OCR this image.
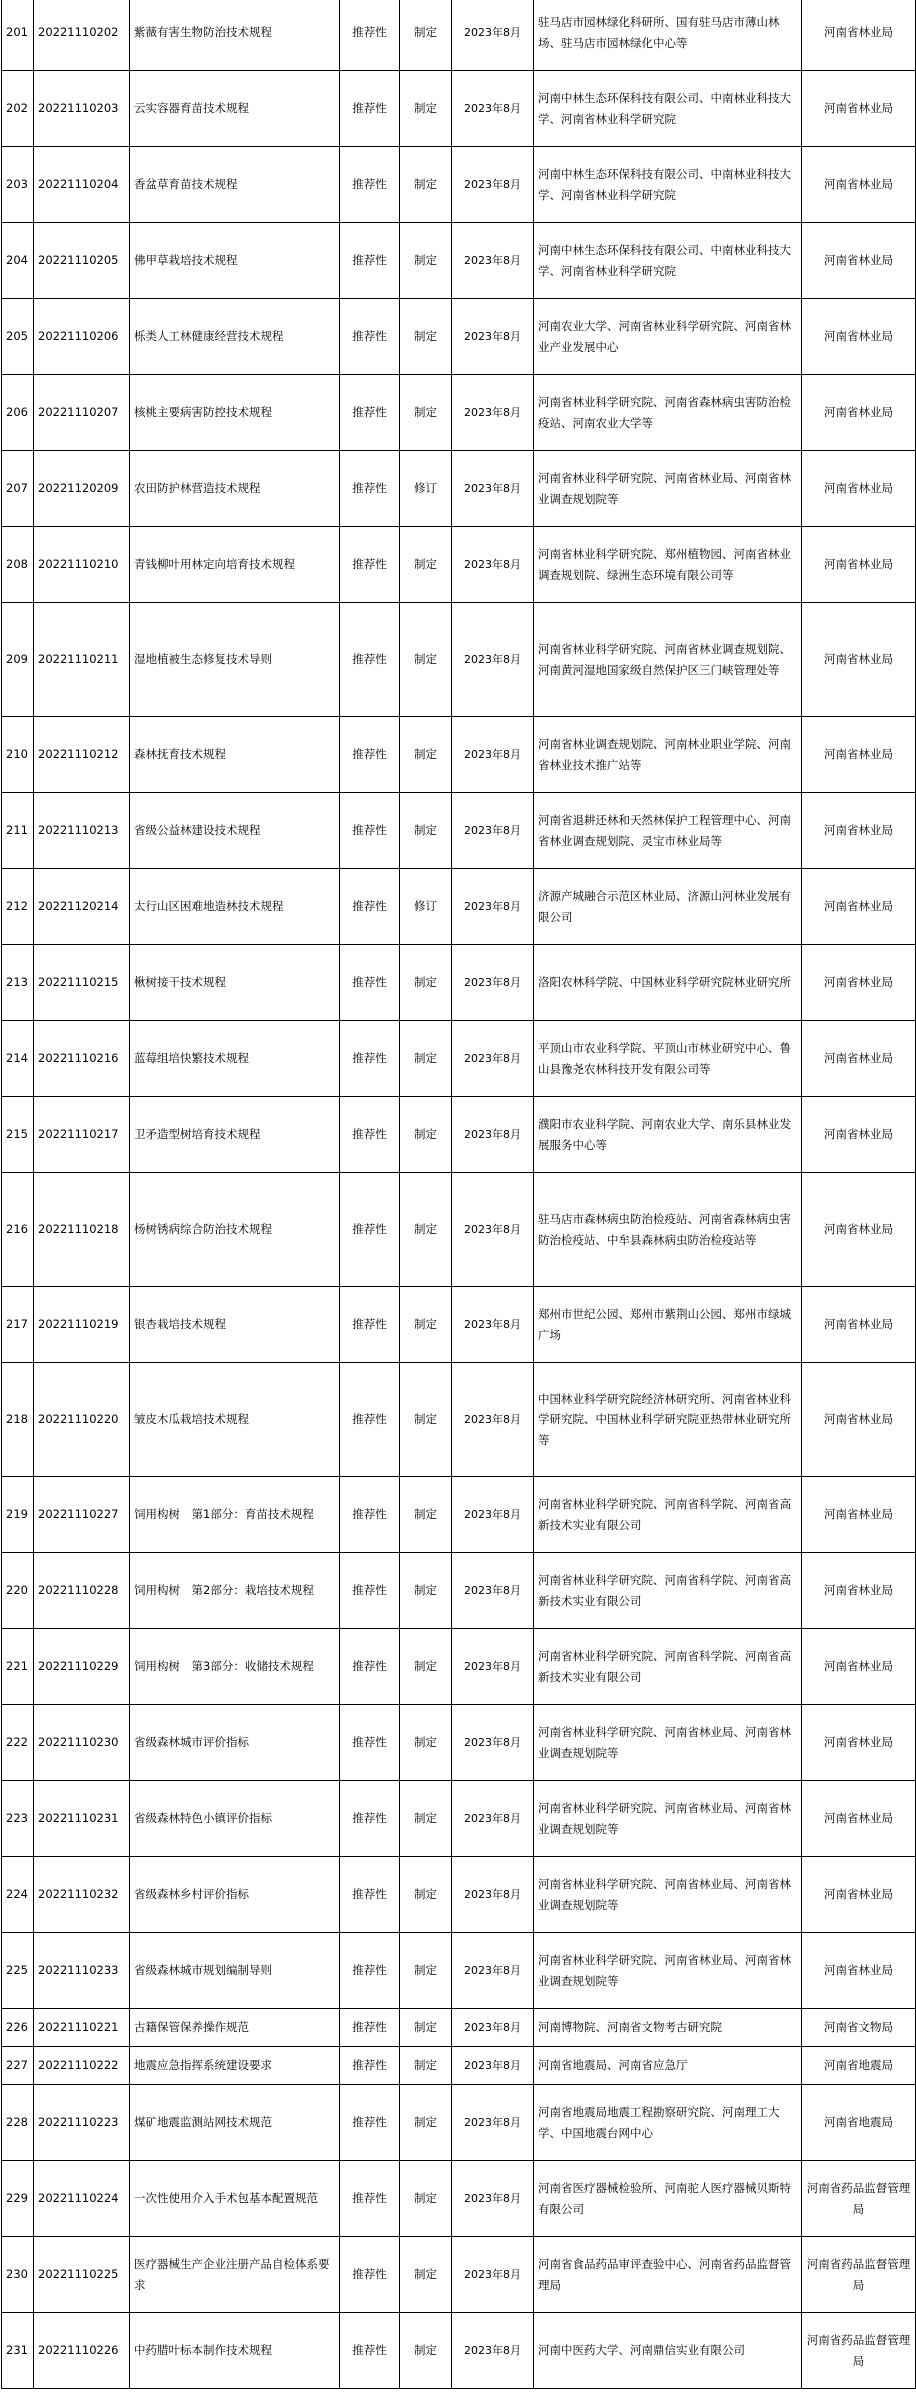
201	20221110202	紫薇有害生物防治技术规程	推荐性	制定	2023年8月	驻马店市园林绿化科研所、国有驻马店市薄山林场、驻马店市园林绿化中心等	河南省林业局
202	20221110203	云实容器育苗技术规程	推荐性	制定	2023年8月	河南中林生态环保科技有限公司、中南林业科技大学、河南省林业科学研究院	河南省林业局
203	20221110204	香盆草育苗技术规程	推荐性	制定	2023年8月	河南中林生态环保科技有限公司、中南林业科技大学、河南省林业科学研究院	河南省林业局
204	20221110205	佛甲草栽培技术规程	推荐性	制定	2023年8月	河南中林生态环保科技有限公司、中南林业科技大学、河南省林业科学研究院	河南省林业局
205	20221110206	栎类人工林健康经营技术规程	推荐性	制定	2023年8月	河南农业大学、河南省林业科学研究院、河南省林业产业发展中心	河南省林业局
206	20221110207	核桃主要病害防控技术规程	推荐性	制定	2023年8月	河南省林业科学研究院、河南省森林病虫害防治检疫站、河南农业大学等	河南省林业局
207	20221120209	农田防护林营造技术规程	推荐性	修订	2023年8月	河南省林业科学研究院、河南省林业局、河南省林业调查规划院等	河南省林业局
208	20221110210	青钱柳叶用林定向培育技术规程	推荐性	制定	2023年8月	河南省林业科学研究院、郑州植物园、河南省林业调查规划院、绿洲生态环境有限公司等	河南省林业局
209	20221110211	湿地植被生态修复技术导则	推荐性	制定	2023年8月	河南省林业科学研究院、河南省林业调查规划院、河南黄河湿地国家级自然保护区三门峡管理处等	河南省林业局
210	20221110212	森林抚育技术规程	推荐性	制定	2023年8月	河南省林业调查规划院、河南林业职业学院、河南省林业技术推广站等	河南省林业局
211	20221110213	省级公益林建设技术规程	推荐性	制定	2023年8月	河南省退耕还林和天然林保护工程管理中心、河南省林业调查规划院、灵宝市林业局等	河南省林业局
212	20221120214	太行山区困难地造林技术规程	推荐性	修订	2023年8月	济源产城融合示范区林业局、济源山河林业发展有限公司	河南省林业局
213	20221110215	楸树接干技术规程	推荐性	制定	2023年8月	洛阳农林科学院、中国林业科学研究院林业研究所	河南省林业局
214	20221110216	蓝莓组培快繁技术规程	推荐性	制定	2023年8月	平顶山市农业科学院、平顶山市林业研究中心、鲁山县豫尧农林科技开发有限公司等	河南省林业局
215	20221110217	卫矛造型树培育技术规程	推荐性	制定	2023年8月	濮阳市农业科学院、河南农业大学、南乐县林业发展服务中心等	河南省林业局
216	20221110218	杨树锈病综合防治技术规程	推荐性	制定	2023年8月	驻马店市森林病虫防治检疫站、河南省森林病虫害防治检疫站、中牟县森林病虫防治检疫站等	河南省林业局
217	20221110219	银杏栽培技术规程	推荐性	制定	2023年8月	郑州市世纪公园、郑州市紫荆山公园、郑州市绿城广场	河南省林业局
218	20221110220	皱皮木瓜栽培技术规程	推荐性	制定	2023年8月	中国林业科学研究院经济林研究所、河南省林业科学研究院、中国林业科学研究院亚热带林业研究所等	河南省林业局
219	20221110227	饲用构树　第1部分：育苗技术规程	推荐性	制定	2023年8月	河南省林业科学研究院、河南省科学院、河南省高新技术实业有限公司	河南省林业局
220	20221110228	饲用构树　第2部分：栽培技术规程	推荐性	制定	2023年8月	河南省林业科学研究院、河南省科学院、河南省高新技术实业有限公司	河南省林业局
221	20221110229	饲用构树　第3部分：收储技术规程	推荐性	制定	2023年8月	河南省林业科学研究院、河南省科学院、河南省高新技术实业有限公司	河南省林业局
222	20221110230	省级森林城市评价指标	推荐性	制定	2023年8月	河南省林业科学研究院、河南省林业局、河南省林业调查规划院等	河南省林业局
223	20221110231	省级森林特色小镇评价指标	推荐性	制定	2023年8月	河南省林业科学研究院、河南省林业局、河南省林业调查规划院等	河南省林业局
224	20221110232	省级森林乡村评价指标	推荐性	制定	2023年8月	河南省林业科学研究院、河南省林业局、河南省林业调查规划院等	河南省林业局
225	20221110233	省级森林城市规划编制导则	推荐性	制定	2023年8月	河南省林业科学研究院、河南省林业局、河南省林业调查规划院等	河南省林业局
226	20221110221	古籍保管保养操作规范	推荐性	制定	2023年8月	河南博物院、河南省文物考古研究院	河南省文物局
227	20221110222	地震应急指挥系统建设要求	推荐性	制定	2023年8月	河南省地震局、河南省应急厅	河南省地震局
228	20221110223	煤矿地震监测站网技术规范	推荐性	制定	2023年8月	河南省地震局地震工程勘察研究院、河南理工大学、中国地震台网中心	河南省地震局
229	20221110224	一次性使用介入手术包基本配置规范	推荐性	制定	2023年8月	河南省医疗器械检验所、河南驼人医疗器械贝斯特有限公司	河南省药品监督管理局
230	20221110225	医疗器械生产企业注册产品自检体系要求	推荐性	制定	2023年8月	河南省食品药品审评查验中心、河南省药品监督管理局	河南省药品监督管理局
231	20221110226	中药腊叶标本制作技术规程	推荐性	制定	2023年8月	河南中医药大学、河南鼎信实业有限公司	河南省药品监督管理局
